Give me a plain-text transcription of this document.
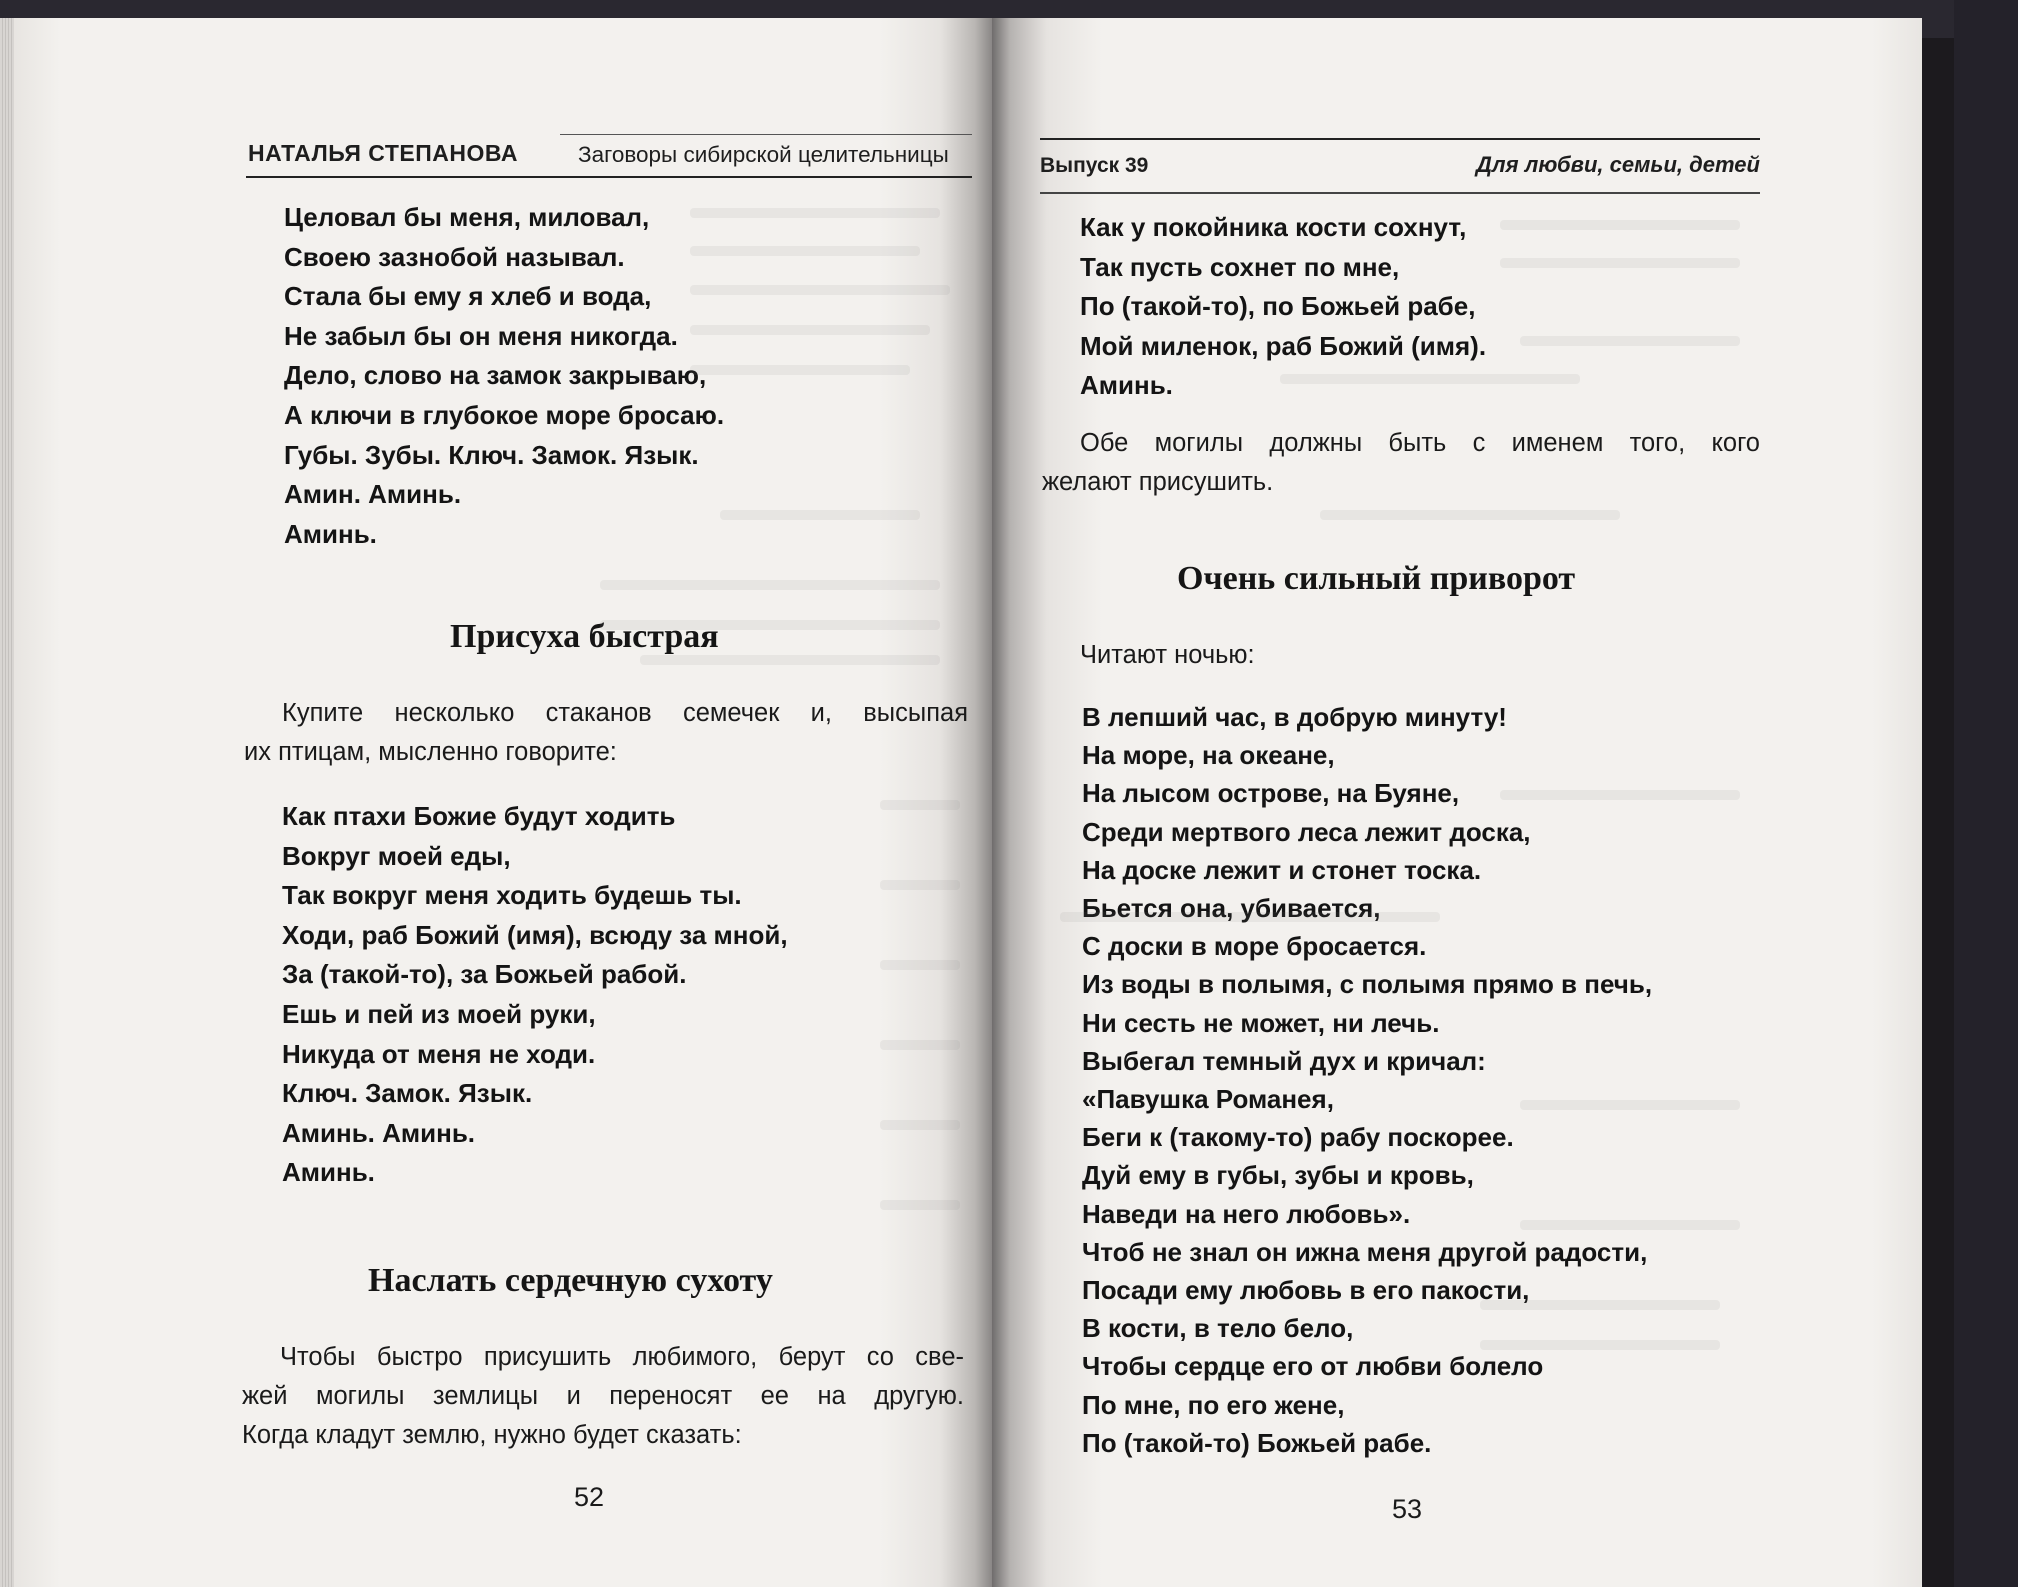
НАТАЛЬЯ СТЕПАНОВА	Заговоры сибирской целительницы
Целовал бы меня, миловал,
Своею зазнобой называл.
Стала бы ему я хлеб и вода,
Не забыл бы он меня никогда.
Дело, слово на замок закрываю,
А ключи в глубокое море бросаю.
Губы. Зубы. Ключ. Замок. Язык.
Амин. Аминь.
Аминь.
Присуха быстрая
Купите несколько стаканов семечек и, высыпая
их птицам, мысленно говорите:
Как птахи Божие будут ходить
Вокруг моей еды,
Так вокруг меня ходить будешь ты.
Ходи, раб Божий (имя), всюду за мной,
За (такой-то), за Божьей рабой.
Ешь и пей из моей руки,
Никуда от меня не ходи.
Ключ. Замок. Язык.
Аминь. Аминь.
Аминь.
Наслать сердечную сухоту
Чтобы быстро присушить любимого, берут со све-
жей могилы землицы и переносят ее на другую.
Когда кладут землю, нужно будет сказать:
52
Выпуск 39	Для любви, семьи, детей
Как у покойника кости сохнут,
Так пусть сохнет по мне,
По (такой-то), по Божьей рабе,
Мой миленок, раб Божий (имя).
Аминь.
Обе могилы должны быть с именем того, кого
желают присушить.
Очень сильный приворот
Читают ночью:
В лепший час, в добрую минуту!
На море, на океане,
На лысом острове, на Буяне,
Среди мертвого леса лежит доска,
На доске лежит и стонет тоска.
Бьется она, убивается,
С доски в море бросается.
Из воды в полымя, с полымя прямо в печь,
Ни сесть не может, ни лечь.
Выбегал темный дух и кричал:
«Павушка Романея,
Беги к (такому-то) рабу поскорее.
Дуй ему в губы, зубы и кровь,
Наведи на него любовь».
Чтоб не знал он ижна меня другой радости,
Посади ему любовь в его пакости,
В кости, в тело бело,
Чтобы сердце его от любви болело
По мне, по его жене,
По (такой-то) Божьей рабе.
53
